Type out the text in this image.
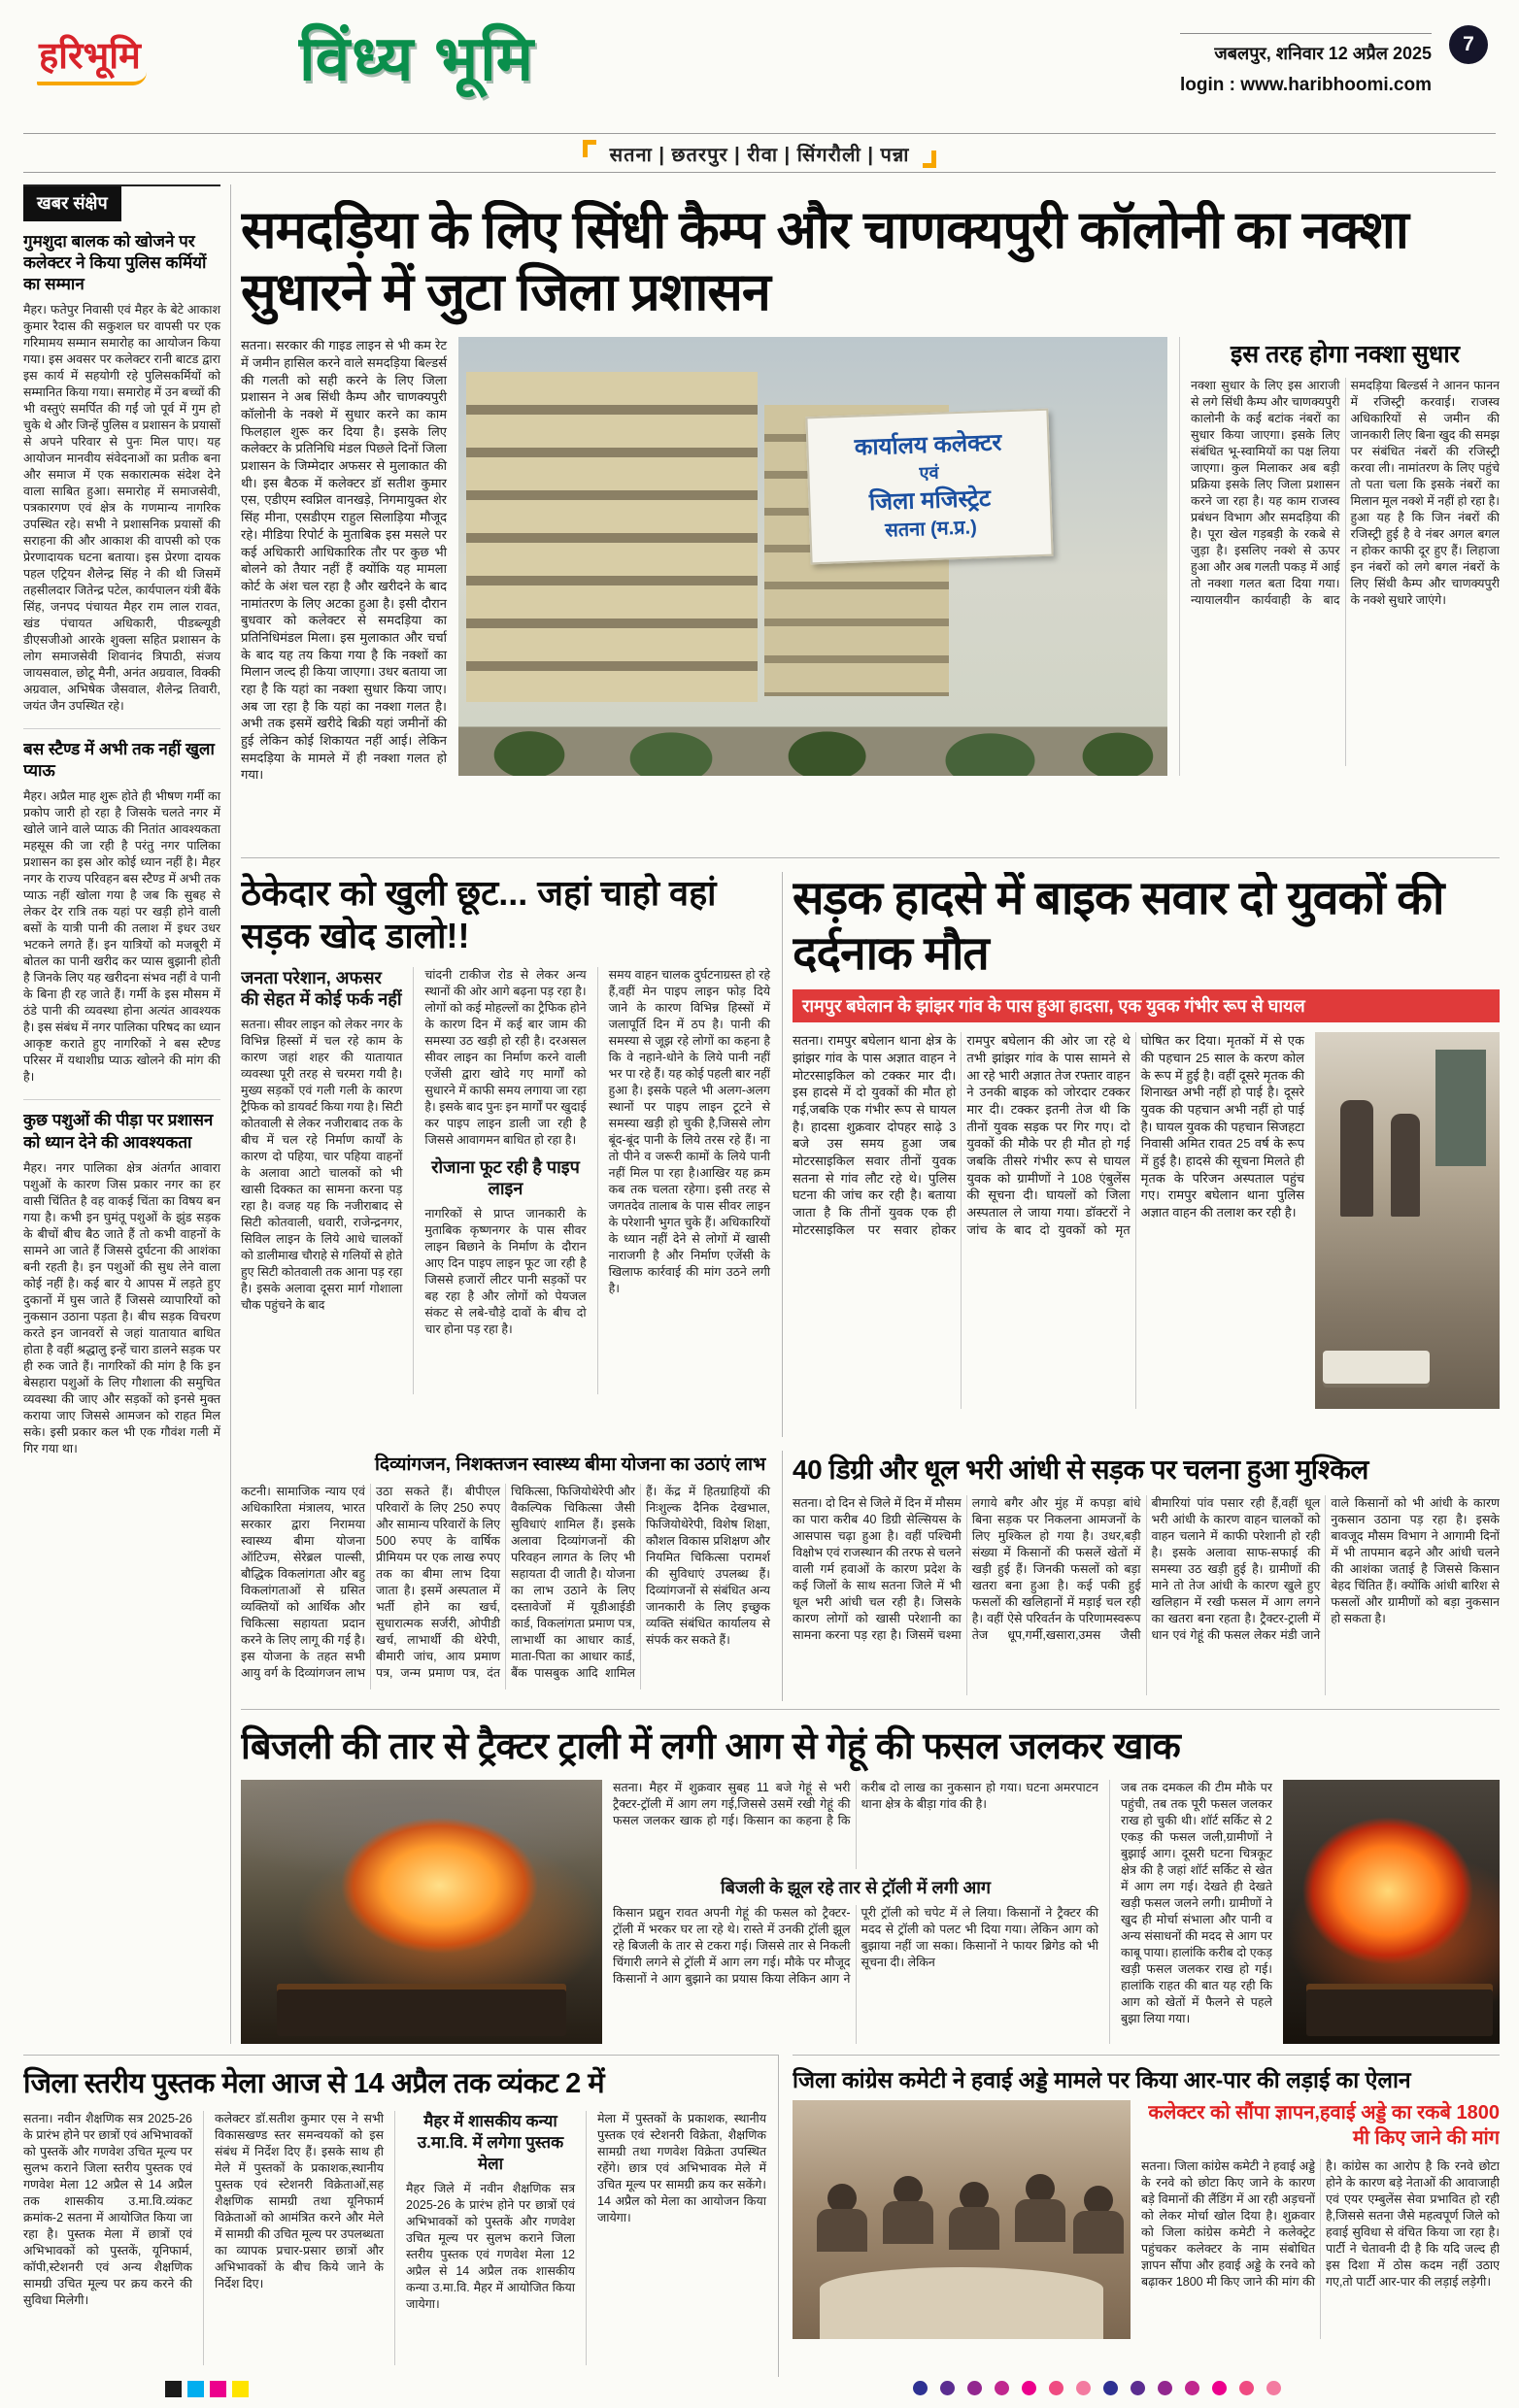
हरिभूमि	विंध्य भूमि	जबलपुर, शनिवार 12 अप्रैल 2025
login : www.haribhoomi.com
7
सतना | छतरपुर | रीवा | सिंगरौली | पन्ना
खबर संक्षेप
गुमशुदा बालक को खोजने पर कलेक्टर ने किया पुलिस कर्मियों का सम्मान

मैहर। फतेपुर निवासी एवं मैहर के बेटे आकाश कुमार रैदास की सकुशल घर वापसी पर एक गरिमामय सम्मान समारोह का आयोजन किया गया। इस अवसर पर कलेक्टर रानी बाटड द्वारा इस कार्य में सहयोगी रहे पुलिसकर्मियों को सम्मानित किया गया। समारोह में उन बच्चों की भी वस्तुएं समर्पित की गईं जो पूर्व में गुम हो चुके थे और जिन्हें पुलिस व प्रशासन के प्रयासों से अपने परिवार से पुनः मिल पाए। यह आयोजन मानवीय संवेदनाओं का प्रतीक बना और समाज में एक सकारात्मक संदेश देने वाला साबित हुआ। समारोह में समाजसेवी, पत्रकारगण एवं क्षेत्र के गणमान्य नागरिक उपस्थित रहे। सभी ने प्रशासनिक प्रयासों की सराहना की और आकाश की वापसी को एक प्रेरणादायक घटना बताया। इस प्रेरणा दायक पहल एट्रियन शैलेन्द्र सिंह ने की थी जिसमें तहसीलदार जितेन्द्र पटेल, कार्यपालन यंत्री बैंके सिंह, जनपद पंचायत मैहर राम लाल रावत, खंड पंचायत अधिकारी, पीडब्ल्यूडी डीएसजीओ आरके शुक्ला सहित प्रशासन के लोग समाजसेवी शिवानंद त्रिपाठी, संजय जायसवाल, छोटू मैनी, अनंत अग्रवाल, विक्की अग्रवाल, अभिषेक जैसवाल, शैलेन्द्र तिवारी, जयंत जैन उपस्थित रहे।

बस स्टैण्ड में अभी तक नहीं खुला प्याऊ

मैहर। अप्रैल माह शुरू होते ही भीषण गर्मी का प्रकोप जारी हो रहा है जिसके चलते नगर में खोले जाने वाले प्याऊ की नितांत आवश्यकता महसूस की जा रही है परंतु नगर पालिका प्रशासन का इस ओर कोई ध्यान नहीं है। मैहर नगर के राज्य परिवहन बस स्टैण्ड में अभी तक प्याऊ नहीं खोला गया है जब कि सुबह से लेकर देर रात्रि तक यहां पर खड़ी होने वाली बसों के यात्री पानी की तलाश में इधर उधर भटकने लगते हैं। इन यात्रियों को मजबूरी में बोतल का पानी खरीद कर प्यास बुझानी होती है जिनके लिए यह खरीदना संभव नहीं वे पानी के बिना ही रह जाते हैं। गर्मी के इस मौसम में ठंडे पानी की व्यवस्था होना अत्यंत आवश्यक है। इस संबंध में नगर पालिका परिषद का ध्यान आकृष्ट कराते हुए नागरिकों ने बस स्टैण्ड परिसर में यथाशीघ्र प्याऊ खोलने की मांग की है।

कुछ पशुओं की पीड़ा पर प्रशासन को ध्यान देने की आवश्यकता

मैहर। नगर पालिका क्षेत्र अंतर्गत आवारा पशुओं के कारण जिस प्रकार नगर का हर वासी चिंतित है वह वाकई चिंता का विषय बन गया है। कभी इन घुमंतू पशुओं के झुंड सड़क के बीचों बीच बैठ जाते हैं तो कभी वाहनों के सामने आ जाते हैं जिससे दुर्घटना की आशंका बनी रहती है। इन पशुओं की सुध लेने वाला कोई नहीं है। कई बार ये आपस में लड़ते हुए दुकानों में घुस जाते हैं जिससे व्यापारियों को नुकसान उठाना पड़ता है। बीच सड़क विचरण करते इन जानवरों से जहां यातायात बाधित होता है वहीं श्रद्धालु इन्हें चारा डालने सड़क पर ही रुक जाते हैं। नागरिकों की मांग है कि इन बेसहारा पशुओं के लिए गौशाला की समुचित व्यवस्था की जाए और सड़कों को इनसे मुक्त कराया जाए जिससे आमजन को राहत मिल सके। इसी प्रकार कल भी एक गौवंश गली में गिर गया था।

समदड़िया के लिए सिंधी कैम्प और चाणक्यपुरी कॉलोनी का नक्शा सुधारने में जुटा जिला प्रशासन
सतना। सरकार की गाइड लाइन से भी कम रेट में जमीन हासिल करने वाले समदड़िया बिल्डर्स की गलती को सही करने के लिए जिला प्रशासन ने अब सिंधी कैम्प और चाणक्यपुरी कॉलोनी के नक्शे में सुधार करने का काम फिलहाल शुरू कर दिया है। इसके लिए कलेक्टर के प्रतिनिधि मंडल पिछले दिनों जिला प्रशासन के जिम्मेदार अफसर से मुलाकात की थी। इस बैठक में कलेक्टर डॉ सतीश कुमार एस, एडीएम स्वप्निल वानखड़े, निगमायुक्त शेर सिंह मीना, एसडीएम राहुल सिलाड़िया मौजूद रहे। मीडिया रिपोर्ट के मुताबिक इस मसले पर कई अधिकारी आधिकारिक तौर पर कुछ भी बोलने को तैयार नहीं हैं क्योंकि यह मामला कोर्ट के अंश चल रहा है और खरीदने के बाद नामांतरण के लिए अटका हुआ है। इसी दौरान बुधवार को कलेक्टर से समदड़िया का प्रतिनिधिमंडल मिला। इस मुलाकात और चर्चा के बाद यह तय किया गया है कि नक्शों का मिलान जल्द ही किया जाएगा। उधर बताया जा रहा है कि यहां का नक्शा सुधार किया जाए। अब जा रहा है कि यहां का नक्शा गलत है। अभी तक इसमें खरीदे बिक्री यहां जमीनों की हुई लेकिन कोई शिकायत नहीं आई। लेकिन समदड़िया के मामले में ही नक्शा गलत हो गया।
कार्यालय कलेक्टर
एवं
जिला मजिस्ट्रेट
सतना (म.प्र.)
इस तरह होगा नक्शा सुधार
नक्शा सुधार के लिए इस आराजी से लगे सिंधी कैम्प और चाणक्यपुरी कालोनी के कई बटांक नंबरों का सुधार किया जाएगा। इसके लिए संबंधित भू-स्वामियों का पक्ष लिया जाएगा। कुल मिलाकर अब बड़ी प्रक्रिया इसके लिए जिला प्रशासन करने जा रहा है। यह काम राजस्व प्रबंधन विभाग और समदड़िया की है। पूरा खेल गड़बड़ी के रकबे से जुड़ा है। इसलिए नक्शे से ऊपर हुआ और अब गलती पकड़ में आई तो नक्शा गलत बता दिया गया। न्यायालयीन कार्यवाही के बाद समदड़िया बिल्डर्स ने आनन फानन में रजिस्ट्री करवाई। राजस्व अधिकारियों से जमीन की जानकारी लिए बिना खुद की समझ पर संबंधित नंबरों की रजिस्ट्री करवा ली। नामांतरण के लिए पहुंचे तो पता चला कि इसके नंबरों का मिलान मूल नक्शे में नहीं हो रहा है। हुआ यह है कि जिन नंबरों की रजिस्ट्री हुई है वे नंबर अगल बगल न होकर काफी दूर हुए हैं। लिहाजा इन नंबरों को लगे बगल नंबरों के लिए सिंधी कैम्प और चाणक्यपुरी के नक्शे सुधारे जाएंगे।
ठेकेदार को खुली छूट... जहां चाहो वहां सड़क खोद डालो!!
जनता परेशान, अफसर की सेहत में कोई फर्क नहीं

सतना। सीवर लाइन को लेकर नगर के विभिन्न हिस्सों में चल रहे काम के कारण जहां शहर की यातायात व्यवस्था पूरी तरह से चरमरा गयी है। मुख्य सड़कों एवं गली गली के कारण ट्रैफिक को डायवर्ट किया गया है। सिटी कोतवाली से लेकर नजीराबाद तक के बीच में चल रहे निर्माण कार्यों के कारण दो पहिया, चार पहिया वाहनों के अलावा आटो चालकों को भी खासी दिक्कत का सामना करना पड़ रहा है। वजह यह कि नजीराबाद से सिटी कोतवाली, धवारी, राजेन्द्रनगर, सिविल लाइन के लिये आधे चालकों को डालीमाख चौराहे से गलियों से होते हुए सिटी कोतवाली तक आना पड़ रहा है। इसके अलावा दूसरा मार्ग गोशाला चौक पहुंचने के बाद

चांदनी टाकीज रोड से लेकर अन्य स्थानों की ओर आगे बढ़ना पड़ रहा है। लोगों को कई मोहल्लों का ट्रैफिक होने के कारण दिन में कई बार जाम की समस्या उठ खड़ी हो रही है। दरअसल सीवर लाइन का निर्माण करने वाली एजेंसी द्वारा खोदे गए मार्गों को सुधारने में काफी समय लगाया जा रहा है। इसके बाद पुनः इन मार्गों पर खुदाई कर पाइप लाइन डाली जा रही है जिससे आवागमन बाधित हो रहा है।

रोजाना फूट रही है पाइप लाइन

नागरिकों से प्राप्त जानकारी के मुताबिक कृष्णनगर के पास सीवर लाइन बिछाने के निर्माण के दौरान आए दिन पाइप लाइन फूट जा रही है जिससे हजारों लीटर पानी सड़कों पर बह रहा है और लोगों को पेयजल संकट से लबे-चौड़े दावों के बीच दो चार होना पड़ रहा है।

समय वाहन चालक दुर्घटनाग्रस्त हो रहे हैं,वहीं मेन पाइप लाइन फोड़ दिये जाने के कारण विभिन्न हिस्सों में जलापूर्ति दिन में ठप है। पानी की समस्या से जूझ रहे लोगों का कहना है कि वे नहाने-धोने के लिये पानी नहीं भर पा रहे हैं। यह कोई पहली बार नहीं हुआ है। इसके पहले भी अलग-अलग स्थानों पर पाइप लाइन टूटने से समस्या खड़ी हो चुकी है,जिससे लोग बूंद-बूंद पानी के लिये तरस रहे हैं। ना तो पीने व जरूरी कामों के लिये पानी नहीं मिल पा रहा है।आखिर यह क्रम कब तक चलता रहेगा। इसी तरह से जगतदेव तालाब के पास सीवर लाइन के परेशानी भुगत चुके हैं। अधिकारियों के ध्यान नहीं देने से लोगों में खासी नाराजगी है और निर्माण एजेंसी के खिलाफ कार्रवाई की मांग उठने लगी है।

सड़क हादसे में बाइक सवार दो युवकों की दर्दनाक मौत
रामपुर बघेलान के झांझर गांव के पास हुआ हादसा, एक युवक गंभीर रूप से घायल
सतना। रामपुर बघेलान थाना क्षेत्र के झांझर गांव के पास अज्ञात वाहन ने मोटरसाइकिल को टक्कर मार दी। इस हादसे में दो युवकों की मौत हो गई,जबकि एक गंभीर रूप से घायल है। हादसा शुक्रवार दोपहर साढ़े 3 बजे उस समय हुआ जब मोटरसाइकिल सवार तीनों युवक सतना से गांव लौट रहे थे। पुलिस घटना की जांच कर रही है। बताया जाता है कि तीनों युवक एक ही मोटरसाइकिल पर सवार होकर रामपुर बघेलान की ओर जा रहे थे तभी झांझर गांव के पास सामने से आ रहे भारी अज्ञात तेज रफ्तार वाहन ने उनकी बाइक को जोरदार टक्कर मार दी। टक्कर इतनी तेज थी कि तीनों युवक सड़क पर गिर गए। दो युवकों की मौके पर ही मौत हो गई जबकि तीसरे गंभीर रूप से घायल युवक को ग्रामीणों ने 108 एंबुलेंस की सूचना दी। घायलों को जिला अस्पताल ले जाया गया। डॉक्टरों ने जांच के बाद दो युवकों को मृत घोषित कर दिया। मृतकों में से एक की पहचान 25 साल के करण कोल के रूप में हुई है। वहीं दूसरे मृतक की शिनाख्त अभी नहीं हो पाई है। दूसरे युवक की पहचान अभी नहीं हो पाई है। घायल युवक की पहचान सिजहटा निवासी अमित रावत 25 वर्ष के रूप में हुई है। हादसे की सूचना मिलते ही मृतक के परिजन अस्पताल पहुंच गए। रामपुर बघेलान थाना पुलिस अज्ञात वाहन की तलाश कर रही है।
दिव्यांगजन, निशक्तजन स्वास्थ्य बीमा योजना का उठाएं लाभ
कटनी। सामाजिक न्याय एवं अधिकारिता मंत्रालय, भारत सरकार द्वारा निरामया स्वास्थ्य बीमा योजना ऑटिज्म, सेरेब्रल पाल्सी, बौद्धिक विकलांगता और बहु विकलांगताओं से ग्रसित व्यक्तियों को आर्थिक और चिकित्सा सहायता प्रदान करने के लिए लागू की गई है। इस योजना के तहत सभी आयु वर्ग के दिव्यांगजन लाभ उठा सकते हैं। बीपीएल परिवारों के लिए 250 रुपए और सामान्य परिवारों के लिए 500 रुपए के वार्षिक प्रीमियम पर एक लाख रुपए तक का बीमा लाभ दिया जाता है। इसमें अस्पताल में भर्ती होने का खर्च, सुधारात्मक सर्जरी, ओपीडी खर्च, लाभार्थी की थेरेपी, बीमारी जांच, आय प्रमाण पत्र, जन्म प्रमाण पत्र, दंत चिकित्सा, फिजियोथेरेपी और वैकल्पिक चिकित्सा जैसी सुविधाएं शामिल हैं। इसके अलावा दिव्यांगजनों की परिवहन लागत के लिए भी सहायता दी जाती है। योजना का लाभ उठाने के लिए दस्तावेजों में यूडीआईडी कार्ड, विकलांगता प्रमाण पत्र, लाभार्थी का आधार कार्ड, माता-पिता का आधार कार्ड, बैंक पासबुक आदि शामिल हैं। केंद्र में हितग्राहियों की निःशुल्क दैनिक देखभाल, फिजियोथेरेपी, विशेष शिक्षा, कौशल विकास प्रशिक्षण और नियमित चिकित्सा परामर्श की सुविधाएं उपलब्ध हैं। दिव्यांगजनों से संबंधित अन्य जानकारी के लिए इच्छुक व्यक्ति संबंधित कार्यालय से संपर्क कर सकते हैं।
40 डिग्री और धूल भरी आंधी से सड़क पर चलना हुआ मुश्किल
सतना। दो दिन से जिले में दिन में मौसम का पारा करीब 40 डिग्री सेल्सियस के आसपास चढ़ा हुआ है। वहीं पश्चिमी विक्षोभ एवं राजस्थान की तरफ से चलने वाली गर्म हवाओं के कारण प्रदेश के कई जिलों के साथ सतना जिले में भी धूल भरी आंधी चल रही है। जिसके कारण लोगों को खासी परेशानी का सामना करना पड़ रहा है। जिसमें चश्मा लगाये बगैर और मुंह में कपड़ा बांधे बिना सड़क पर निकलना आमजनों के लिए मुश्किल हो गया है। उधर,बड़ी संख्या में किसानों की फसलें खेतों में खड़ी हुई हैं। जिनकी फसलों को बड़ा खतरा बना हुआ है। कई पकी हुई फसलों की खलिहानों में मड़ाई चल रही है। वहीं ऐसे परिवर्तन के परिणामस्वरूप तेज धूप,गर्मी,खसारा,उमस जैसी बीमारियां पांव पसार रही हैं,वहीं धूल भरी आंधी के कारण वाहन चालकों को वाहन चलाने में काफी परेशानी हो रही है। इसके अलावा साफ-सफाई की समस्या उठ खड़ी हुई है। ग्रामीणों की माने तो तेज आंधी के कारण खुले हुए खलिहान में रखी फसल में आग लगने का खतरा बना रहता है। ट्रैक्टर-ट्राली में धान एवं गेहूं की फसल लेकर मंडी जाने वाले किसानों को भी आंधी के कारण नुकसान उठाना पड़ रहा है। इसके बावजूद मौसम विभाग ने आगामी दिनों में भी तापमान बढ़ने और आंधी चलने की आशंका जताई है जिससे किसान बेहद चिंतित हैं। क्योंकि आंधी बारिश से फसलों और ग्रामीणों को बड़ा नुकसान हो सकता है।
बिजली की तार से ट्रैक्टर ट्राली में लगी आग से गेहूं की फसल जलकर खाक
सतना। मैहर में शुक्रवार सुबह 11 बजे गेहूं से भरी ट्रैक्टर-ट्रॉली में आग लग गई,जिससे उसमें रखी गेहूं की फसल जलकर खाक हो गई। किसान का कहना है कि करीब दो लाख का नुकसान हो गया। घटना अमरपाटन थाना क्षेत्र के बीड़ा गांव की है।
बिजली के झूल रहे तार से ट्रॉली में लगी आग
किसान प्रद्युन रावत अपनी गेहूं की फसल को ट्रैक्टर-ट्रॉली में भरकर घर ला रहे थे। रास्ते में उनकी ट्रॉली झूल रहे बिजली के तार से टकरा गई। जिससे तार से निकली चिंगारी लगने से ट्रॉली में आग लग गई। मौके पर मौजूद किसानों ने आग बुझाने का प्रयास किया लेकिन आग ने पूरी ट्रॉली को चपेट में ले लिया। किसानों ने ट्रैक्टर की मदद से ट्रॉली को पलट भी दिया गया। लेकिन आग को बुझाया नहीं जा सका। किसानों ने फायर ब्रिगेड को भी सूचना दी। लेकिन
जब तक दमकल की टीम मौके पर पहुंची, तब तक पूरी फसल जलकर राख हो चुकी थी। शॉर्ट सर्किट से 2 एकड़ की फसल जली,ग्रामीणों ने बुझाई आग। दूसरी घटना चित्रकूट क्षेत्र की है जहां शॉर्ट सर्किट से खेत में आग लग गई। देखते ही देखते खड़ी फसल जलने लगी। ग्रामीणों ने खुद ही मोर्चा संभाला और पानी व अन्य संसाधनों की मदद से आग पर काबू पाया। हालांकि करीब दो एकड़ खड़ी फसल जलकर राख हो गई। हालांकि राहत की बात यह रही कि आग को खेतों में फैलने से पहले बुझा लिया गया।
जिला स्तरीय पुस्तक मेला आज से 14 अप्रैल तक व्यंकट 2 में

सतना। नवीन शैक्षणिक सत्र 2025-26 के प्रारंभ होने पर छात्रों एवं अभिभावकों को पुस्तकें और गणवेश उचित मूल्य पर सुलभ कराने जिला स्तरीय पुस्तक एवं गणवेश मेला 12 अप्रैल से 14 अप्रैल तक शासकीय उ.मा.वि.व्यंकट क्रमांक-2 सतना में आयोजित किया जा रहा है। पुस्तक मेला में छात्रों एवं अभिभावकों को पुस्तकें, यूनिफार्म, कॉपी,स्टेशनरी एवं अन्य शैक्षणिक सामग्री उचित मूल्य पर क्रय करने की सुविधा मिलेगी।

कलेक्टर डॉ.सतीश कुमार एस ने सभी विकासखण्ड स्तर समन्वयकों को इस संबंध में निर्देश दिए हैं। इसके साथ ही मेले में पुस्तकों के प्रकाशक,स्थानीय पुस्तक एवं स्टेशनरी विक्रेताओं,सह शैक्षणिक सामग्री तथा यूनिफार्म विक्रेताओं को आमंत्रित करने और मेले में सामग्री की उचित मूल्य पर उपलब्धता का व्यापक प्रचार-प्रसार छात्रों और अभिभावकों के बीच किये जाने के निर्देश दिए।

मैहर में शासकीय कन्या उ.मा.वि. में लगेगा पुस्तक मेला

मैहर जिले में नवीन शैक्षणिक सत्र 2025-26 के प्रारंभ होने पर छात्रों एवं अभिभावकों को पुस्तकें और गणवेश उचित मूल्य पर सुलभ कराने जिला स्तरीय पुस्तक एवं गणवेश मेला 12 अप्रैल से 14 अप्रैल तक शासकीय कन्या उ.मा.वि. मैहर में आयोजित किया जायेगा।

मेला में पुस्तकों के प्रकाशक, स्थानीय पुस्तक एवं स्टेशनरी विक्रेता, शैक्षणिक सामग्री तथा गणवेश विक्रेता उपस्थित रहेंगे। छात्र एवं अभिभावक मेले में उचित मूल्य पर सामग्री क्रय कर सकेंगे। 14 अप्रैल को मेला का आयोजन किया जायेगा।

जिला कांग्रेस कमेटी ने हवाई अड्डे मामले पर किया आर-पार की लड़ाई का ऐलान
कलेक्टर को सौंपा ज्ञापन,हवाई अड्डे का रकबे 1800 मी किए जाने की मांग
सतना। जिला कांग्रेस कमेटी ने हवाई अड्डे के रनवे को छोटा किए जाने के कारण बड़े विमानों की लैंडिंग में आ रही अड़चनों को लेकर मोर्चा खोल दिया है। शुक्रवार को जिला कांग्रेस कमेटी ने कलेक्ट्रेट पहुंचकर कलेक्टर के नाम संबोधित ज्ञापन सौंपा और हवाई अड्डे के रनवे को बढ़ाकर 1800 मी किए जाने की मांग की है। कांग्रेस का आरोप है कि रनवे छोटा होने के कारण बड़े नेताओं की आवाजाही एवं एयर एम्बुलेंस सेवा प्रभावित हो रही है,जिससे सतना जैसे महत्वपूर्ण जिले को हवाई सुविधा से वंचित किया जा रहा है। पार्टी ने चेतावनी दी है कि यदि जल्द ही इस दिशा में ठोस कदम नहीं उठाए गए,तो पार्टी आर-पार की लड़ाई लड़ेगी।
